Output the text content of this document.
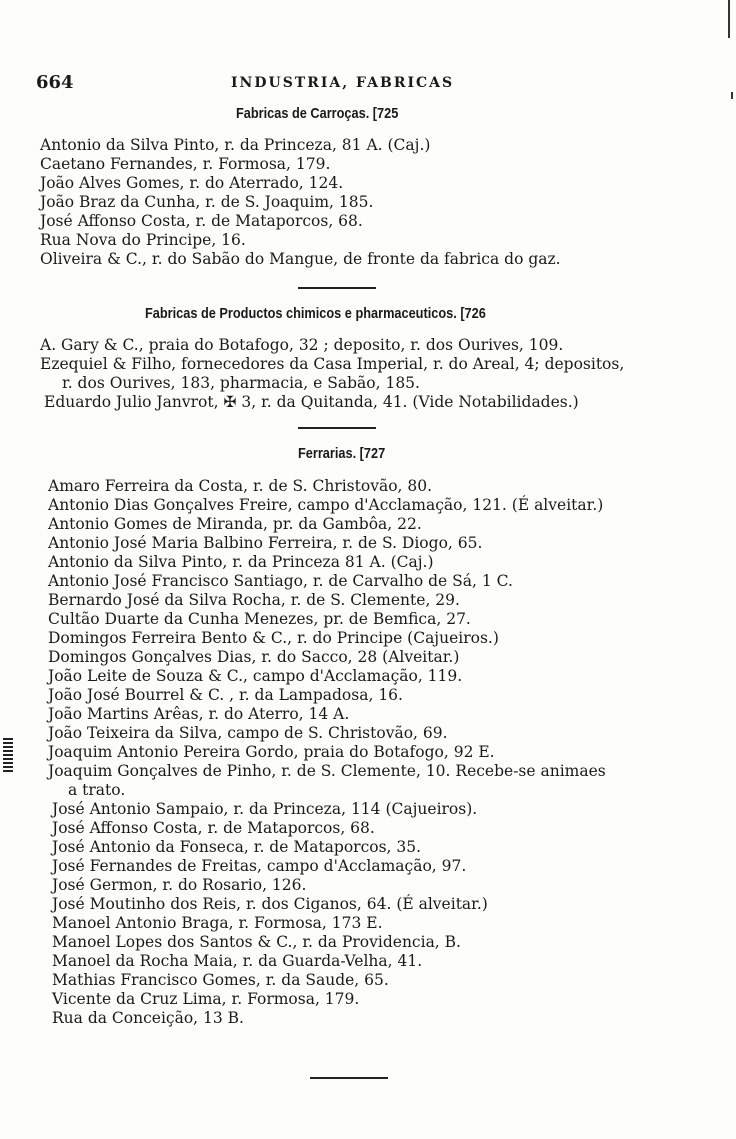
664	INDUSTRIA, FABRICAS
Fabricas de Carroças. [725
Antonio da Silva Pinto, r. da Princeza, 81 A. (Caj.)
Caetano Fernandes, r. Formosa, 179.
João Alves Gomes, r. do Aterrado, 124.
João Braz da Cunha, r. de S. Joaquim, 185.
José Affonso Costa, r. de Mataporcos, 68.
Rua Nova do Principe, 16.
Oliveira & C., r. do Sabão do Mangue, de fronte da fabrica do gaz.
Fabricas de Productos chimicos e pharmaceuticos. [726
A. Gary & C., praia do Botafogo, 32 ; deposito, r. dos Ourives, 109.
Ezequiel & Filho, fornecedores da Casa Imperial, r. do Areal, 4; depositos,
r. dos Ourives, 183, pharmacia, e Sabão, 185.
Eduardo Julio Janvrot, ✠ 3, r. da Quitanda, 41. (Vide Notabilidades.)
Ferrarias. [727
Amaro Ferreira da Costa, r. de S. Christovão, 80.
Antonio Dias Gonçalves Freire, campo d'Acclamação, 121. (É alveitar.)
Antonio Gomes de Miranda, pr. da Gambôa, 22.
Antonio José Maria Balbino Ferreira, r. de S. Diogo, 65.
Antonio da Silva Pinto, r. da Princeza 81 A. (Caj.)
Antonio José Francisco Santiago, r. de Carvalho de Sá, 1 C.
Bernardo José da Silva Rocha, r. de S. Clemente, 29.
Cultão Duarte da Cunha Menezes, pr. de Bemfica, 27.
Domingos Ferreira Bento & C., r. do Principe (Cajueiros.)
Domingos Gonçalves Dias, r. do Sacco, 28 (Alveitar.)
João Leite de Souza & C., campo d'Acclamação, 119.
João José Bourrel & C. , r. da Lampadosa, 16.
João Martins Arêas, r. do Aterro, 14 A.
João Teixeira da Silva, campo de S. Christovão, 69.
Joaquim Antonio Pereira Gordo, praia do Botafogo, 92 E.
Joaquim Gonçalves de Pinho, r. de S. Clemente, 10. Recebe-se animaes
a trato.
José Antonio Sampaio, r. da Princeza, 114 (Cajueiros).
José Affonso Costa, r. de Mataporcos, 68.
José Antonio da Fonseca, r. de Mataporcos, 35.
José Fernandes de Freitas, campo d'Acclamação, 97.
José Germon, r. do Rosario, 126.
José Moutinho dos Reis, r. dos Ciganos, 64. (É alveitar.)
Manoel Antonio Braga, r. Formosa, 173 E.
Manoel Lopes dos Santos & C., r. da Providencia, B.
Manoel da Rocha Maia, r. da Guarda-Velha, 41.
Mathias Francisco Gomes, r. da Saude, 65.
Vicente da Cruz Lima, r. Formosa, 179.
Rua da Conceição, 13 B.
